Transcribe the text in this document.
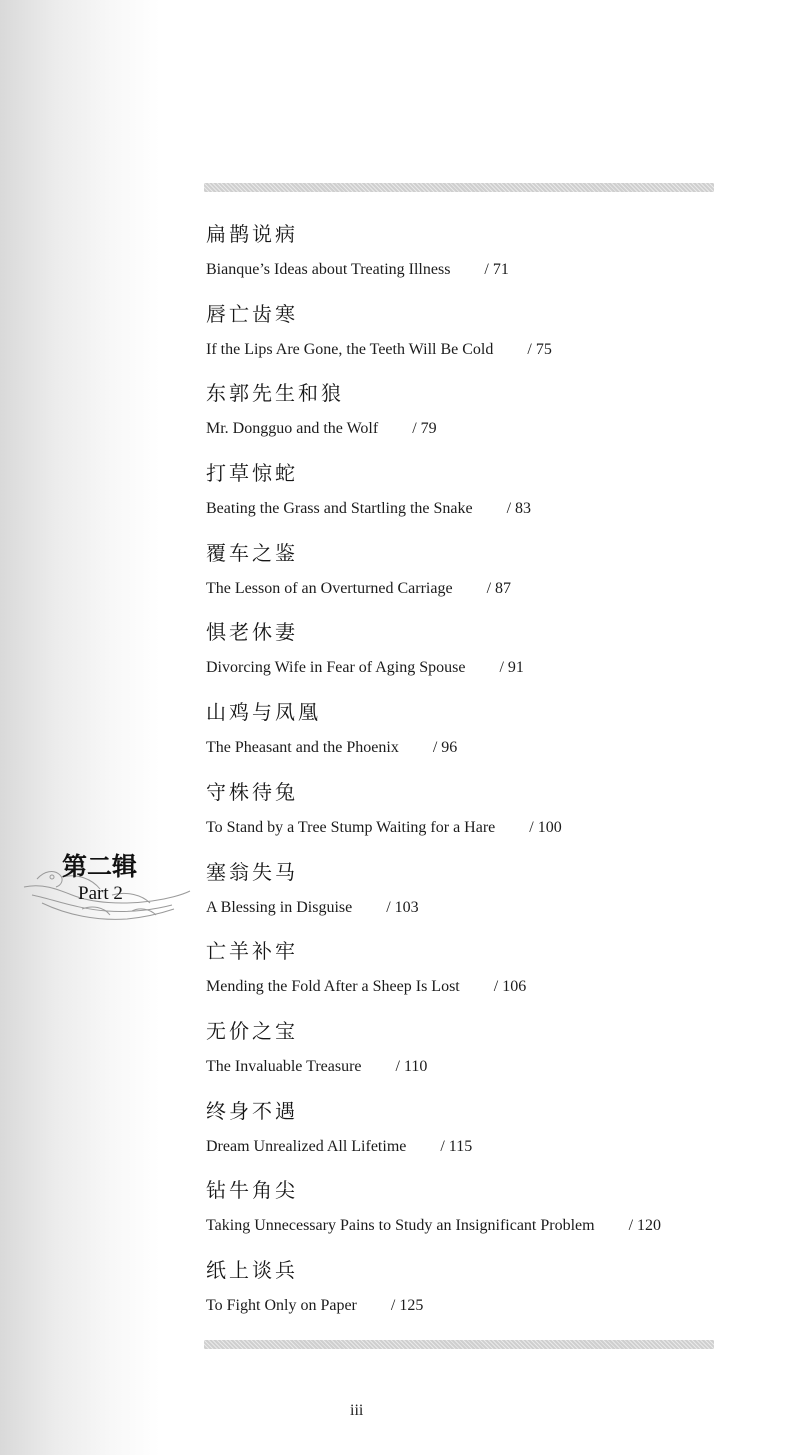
第二辑
Part 2
扁鹊说病
Bianque’s Ideas about Treating Illness / 71
唇亡齿寒
If the Lips Are Gone, the Teeth Will Be Cold / 75
东郭先生和狼
Mr. Dongguo and the Wolf / 79
打草惊蛇
Beating the Grass and Startling the Snake / 83
覆车之鉴
The Lesson of an Overturned Carriage / 87
惧老休妻
Divorcing Wife in Fear of Aging Spouse / 91
山鸡与凤凰
The Pheasant and the Phoenix / 96
守株待兔
To Stand by a Tree Stump Waiting for a Hare / 100
塞翁失马
A Blessing in Disguise / 103
亡羊补牢
Mending the Fold After a Sheep Is Lost / 106
无价之宝
The Invaluable Treasure / 110
终身不遇
Dream Unrealized All Lifetime / 115
钻牛角尖
Taking Unnecessary Pains to Study an Insignificant Problem / 120
纸上谈兵
To Fight Only on Paper / 125
iii
